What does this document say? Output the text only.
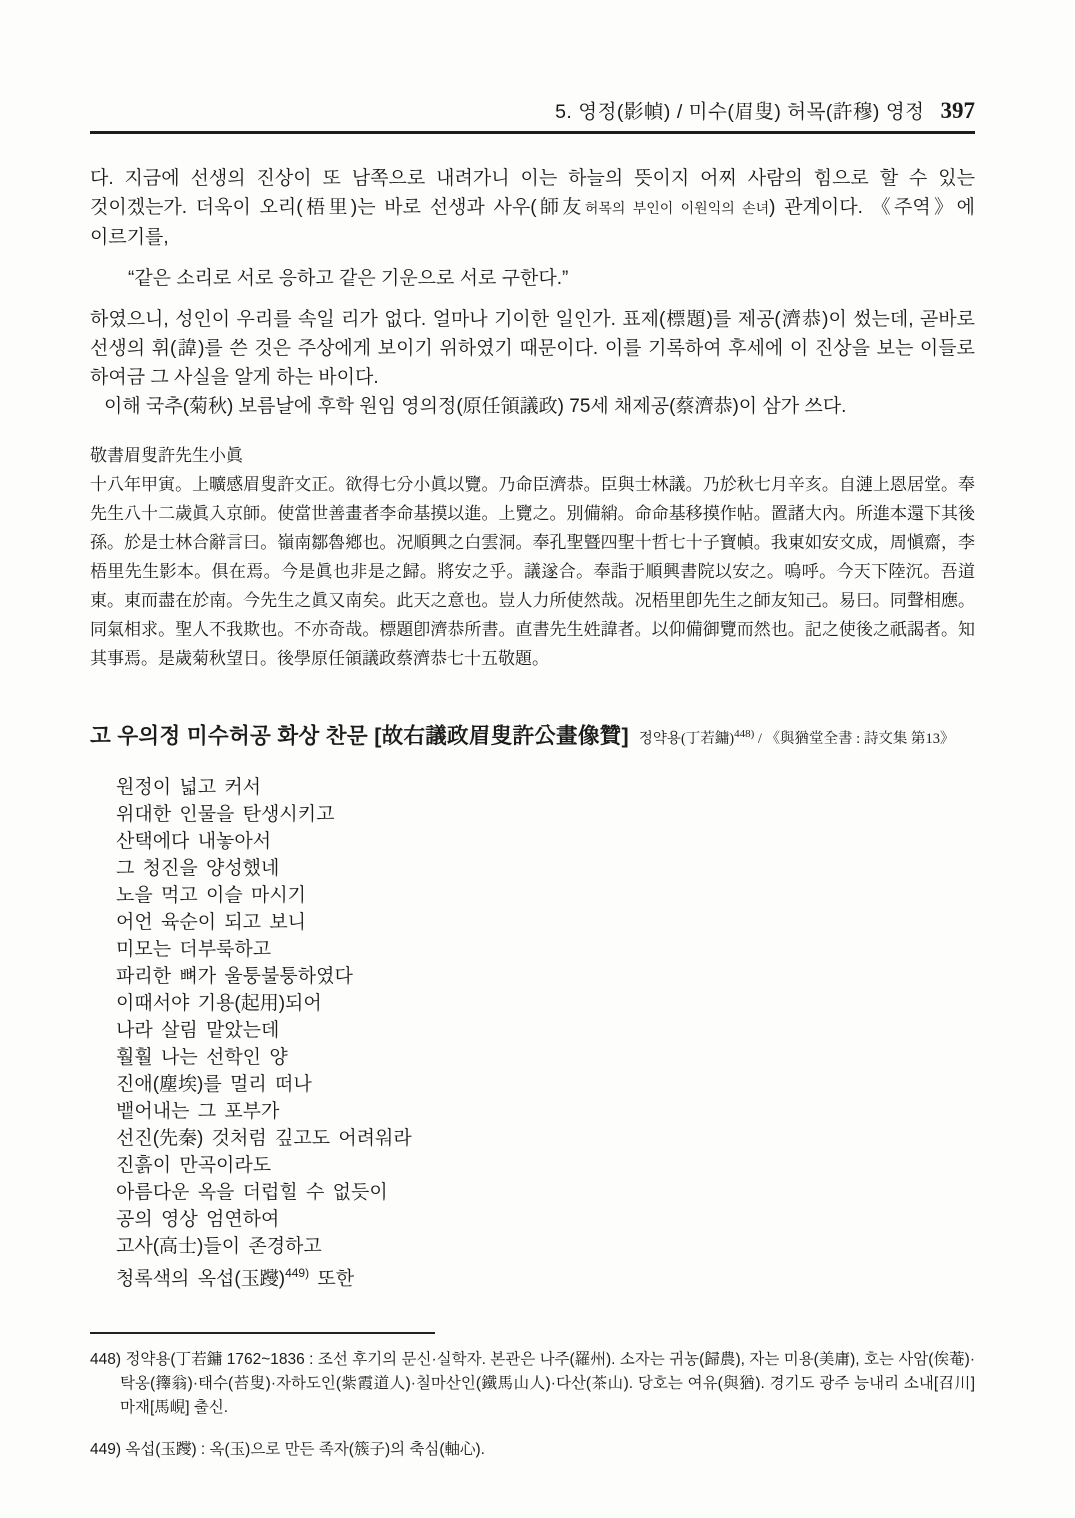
5. 영정(影幀) / 미수(眉叟) 허목(許穆) 영정 397

다. 지금에 선생의 진상이 또 남쪽으로 내려가니 이는 하늘의 뜻이지 어찌 사람의 힘으로 할 수 있는 것이겠는가. 더욱이 오리(梧里)는 바로 선생과 사우(師友허목의 부인이 이원익의 손녀) 관계이다. 《주역》에 이르기를,

“같은 소리로 서로 응하고 같은 기운으로 서로 구한다.”

하였으니, 성인이 우리를 속일 리가 없다. 얼마나 기이한 일인가. 표제(標題)를 제공(濟恭)이 썼는데, 곧바로 선생의 휘(諱)를 쓴 것은 주상에게 보이기 위하였기 때문이다. 이를 기록하여 후세에 이 진상을 보는 이들로 하여금 그 사실을 알게 하는 바이다.

이해 국추(菊秋) 보름날에 후학 원임 영의정(原任領議政) 75세 채제공(蔡濟恭)이 삼가 쓰다.

敬書眉叟許先生小眞

十八年甲寅。上曠感眉叟許文正。欲得七分小眞以覽。乃命臣濟恭。臣與士林議。乃於秋七月辛亥。自漣上恩居堂。奉先生八十二歲眞入京師。使當世善畫者李命基摸以進。上覽之。別備綃。命命基移摸作帖。置諸大內。所進本還下其後孫。於是士林合辭言曰。嶺南鄒魯鄕也。况順興之白雲洞。奉孔聖曁四聖十哲七十子寶幀。我東如安文成，周愼齋，李梧里先生影本。俱在焉。今是眞也非是之歸。將安之乎。議遂合。奉詣于順興書院以安之。嗚呼。今天下陸沉。吾道東。東而盡在於南。今先生之眞又南矣。此天之意也。豈人力所使然哉。况梧里卽先生之師友知己。易曰。同聲相應。同氣相求。聖人不我欺也。不亦奇哉。標題卽濟恭所書。直書先生姓諱者。以仰備御覽而然也。記之使後之祇謁者。知其事焉。是歲菊秋望日。後學原任領議政蔡濟恭七十五敬題。

고 우의정 미수허공 화상 찬문 [故右議政眉叟許公畫像贊] 정약용(丁若鏞)$^{448)}$ / 《與猶堂全書 : 詩文集 第13》

원정이 넓고 커서

위대한 인물을 탄생시키고

산택에다 내놓아서

그 청진을 양성했네

노을 먹고 이슬 마시기

어언 육순이 되고 보니

미모는 더부룩하고

파리한 뼈가 울퉁불퉁하였다

이때서야 기용(起用)되어

나라 살림 맡았는데

훨훨 나는 선학인 양

진애(塵埃)를 멀리 떠나

뱉어내는 그 포부가

선진(先秦) 것처럼 깊고도 어려워라

진흙이 만곡이라도

아름다운 옥을 더럽힐 수 없듯이

공의 영상 엄연하여

고사(高士)들이 존경하고

청록색의 옥섭(玉躞)$^{449)}$ 또한

448) 정약용(丁若鏞 1762~1836 : 조선 후기의 문신·실학자. 본관은 나주(羅州). 소자는 귀농(歸農), 자는 미용(美庸), 호는 사암(俟菴)·탁옹(籜翁)·태수(苔叟)·자하도인(紫霞道人)·칠마산인(鐵馬山人)·다산(茶山). 당호는 여유(與猶). 경기도 광주 능내리 소내[召川] 마재[馬峴] 출신.

449) 옥섭(玉躞) : 옥(玉)으로 만든 족자(簇子)의 축심(軸心).
